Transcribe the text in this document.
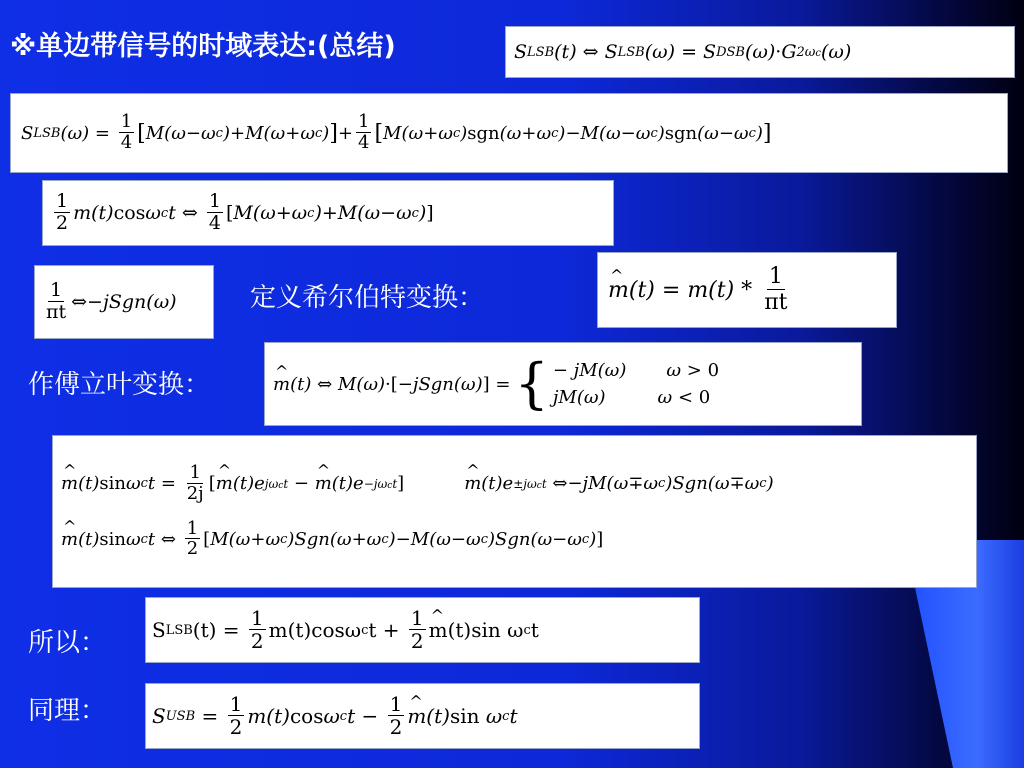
※单边带信号的时域表达:(总结)	S LSB ( t ) ⇔ S LSB (ω) = S DSB (ω) · G 2ωc (ω)
S LSB $(\omega) = \frac{1}{4}$ [ M(ω − ω c ) + M(ω + ω c ) ] + $\frac{1}{4}$ [ M(ω + ω c ) sgn (ω + ω c ) − M(ω − ω c ) sgn (ω − ω c ) ]
$\frac{1}{2} m(t)$ cos ω c t ⇔
$\frac{1}{4}$ [ M(ω + ω c ) + M(ω − ω c ) ]
$\frac{1}{\pi t}$ ⇔− jSgn(ω)	定义希尔伯特变换：	^ m $(t) = m(t) * \frac{1}{\pi t}$
作傅立叶变换：	^ m (t) ⇔ M(ω) ·[− jSgn(ω) ] = { − jM(ω) ω > 0
jM(ω)	ω < 0
^ m (t) sin ω c $t = \frac{1}{2j}$ [ ^ m (t)e jωct − ^ m (t)e −jωct ]	^ m (t)e ±jωct
⇔− jM(ω ∓ ω c )Sgn(ω ∓ ω c )
^ m (t) sin ω c t ⇔
$\frac{1}{2}$ [ M(ω + ω c )Sgn(ω + ω c ) − M(ω − ω c )Sgn(ω − ω c ) ]
所以：	S LSB $(t) = \frac{1}{2} m(t)\cos\omega$ c $t + \frac{1}{2}$ ^ m (t)sin ω c t
同理：	S USB
=
$\frac{1}{2} m(t)$ cos ω c $t - \frac{1}{2}$ ^ m (t) sin ω c t
